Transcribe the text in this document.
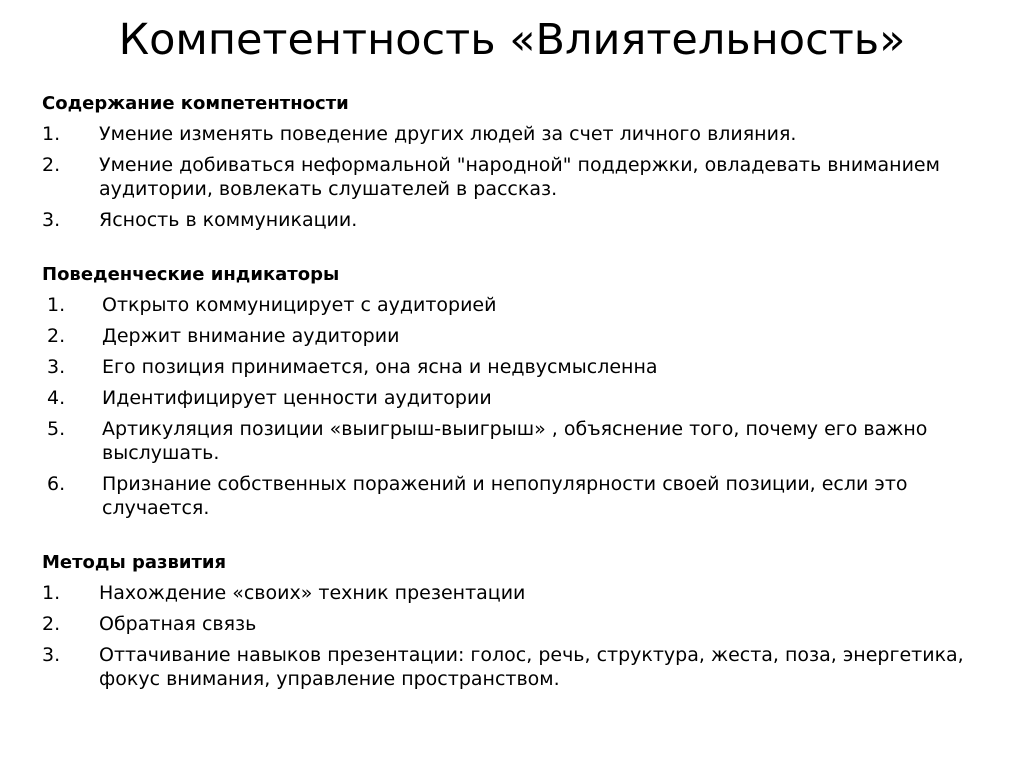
Компетентность «Влиятельность»
Содержание компетентности
1.	Умение изменять поведение других людей за счет личного влияния.
2.	Умение добиваться неформальной "народной" поддержки, овладевать вниманием аудитории, вовлекать слушателей в рассказ.
3.	Ясность в коммуникации.
Поведенческие индикаторы
1.	Открыто коммуницирует с аудиторией
2.	Держит внимание аудитории
3.	Его позиция принимается, она ясна и недвусмысленна
4.	Идентифицирует ценности аудитории
5.	Артикуляция позиции «выигрыш-выигрыш» , объяснение того, почему его важно выслушать.
6.	Признание собственных поражений и непопулярности своей позиции, если это случается.
Методы развития
1.	Нахождение «своих» техник презентации
2.	Обратная связь
3.	Оттачивание навыков презентации: голос, речь, структура, жеста, поза, энергетика, фокус внимания, управление пространством.
